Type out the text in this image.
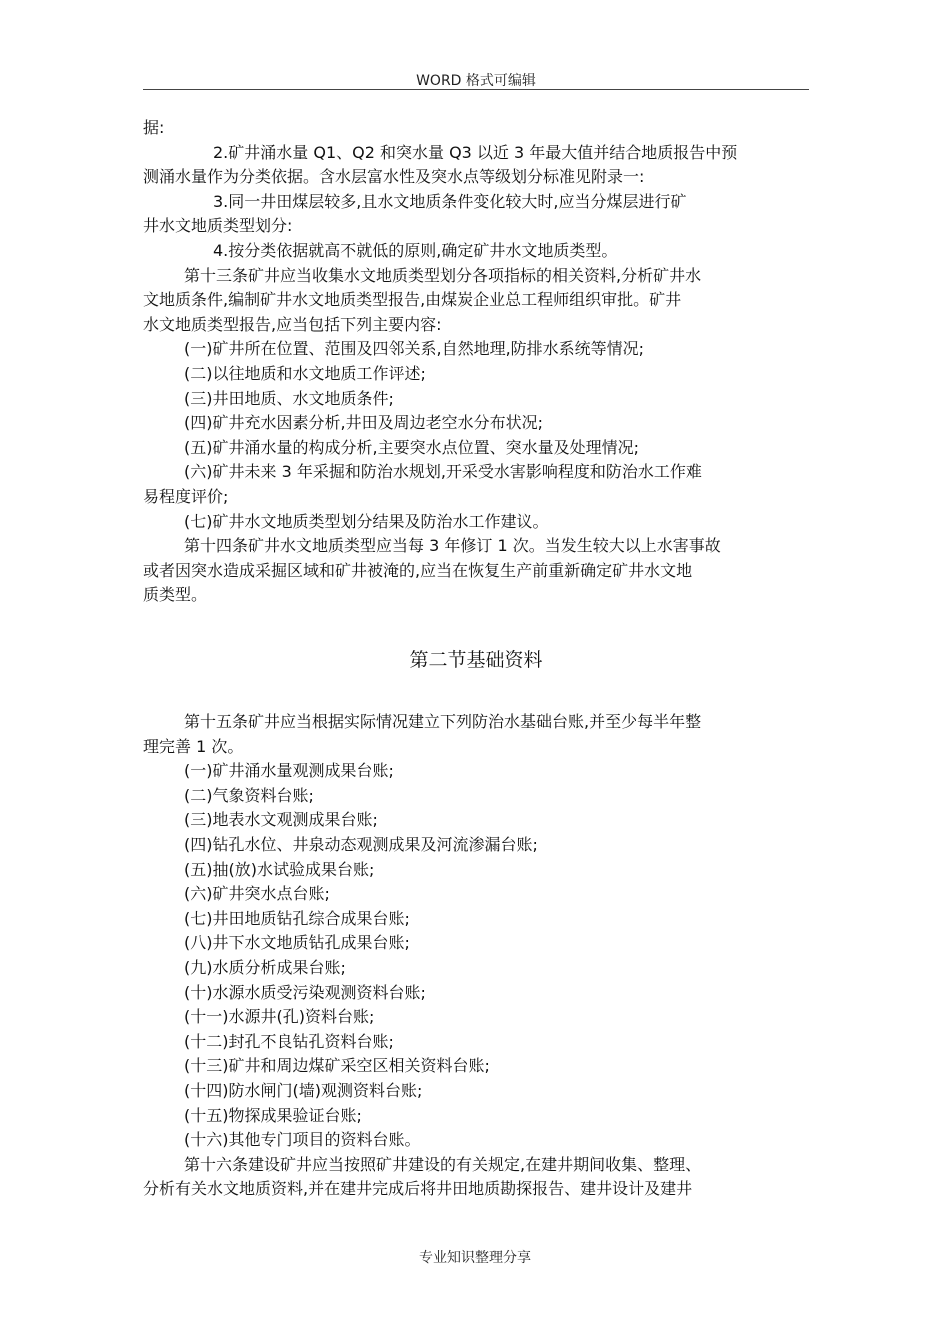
WORD 格式可编辑
据:
2.矿井涌水量 Q1、Q2 和突水量 Q3 以近 3 年最大值并结合地质报告中预
测涌水量作为分类依据。含水层富水性及突水点等级划分标准见附录一:
3.同一井田煤层较多,且水文地质条件变化较大时,应当分煤层进行矿
井水文地质类型划分:
4.按分类依据就高不就低的原则,确定矿井水文地质类型。
第十三条矿井应当收集水文地质类型划分各项指标的相关资料,分析矿井水
文地质条件,编制矿井水文地质类型报告,由煤炭企业总工程师组织审批。矿井
水文地质类型报告,应当包括下列主要内容:
(一)矿井所在位置、范围及四邻关系,自然地理,防排水系统等情况;
(二)以往地质和水文地质工作评述;
(三)井田地质、水文地质条件;
(四)矿井充水因素分析,井田及周边老空水分布状况;
(五)矿井涌水量的构成分析,主要突水点位置、突水量及处理情况;
(六)矿井未来 3 年采掘和防治水规划,开采受水害影响程度和防治水工作难
易程度评价;
(七)矿井水文地质类型划分结果及防治水工作建议。
第十四条矿井水文地质类型应当每 3 年修订 1 次。当发生较大以上水害事故
或者因突水造成采掘区域和矿井被淹的,应当在恢复生产前重新确定矿井水文地
质类型。
第二节基础资料
第十五条矿井应当根据实际情况建立下列防治水基础台账,并至少每半年整
理完善 1 次。
(一)矿井涌水量观测成果台账;
(二)气象资料台账;
(三)地表水文观测成果台账;
(四)钻孔水位、井泉动态观测成果及河流渗漏台账;
(五)抽(放)水试验成果台账;
(六)矿井突水点台账;
(七)井田地质钻孔综合成果台账;
(八)井下水文地质钻孔成果台账;
(九)水质分析成果台账;
(十)水源水质受污染观测资料台账;
(十一)水源井(孔)资料台账;
(十二)封孔不良钻孔资料台账;
(十三)矿井和周边煤矿采空区相关资料台账;
(十四)防水闸门(墙)观测资料台账;
(十五)物探成果验证台账;
(十六)其他专门项目的资料台账。
第十六条建设矿井应当按照矿井建设的有关规定,在建井期间收集、整理、
分析有关水文地质资料,并在建井完成后将井田地质勘探报告、建井设计及建井
专业知识整理分享
